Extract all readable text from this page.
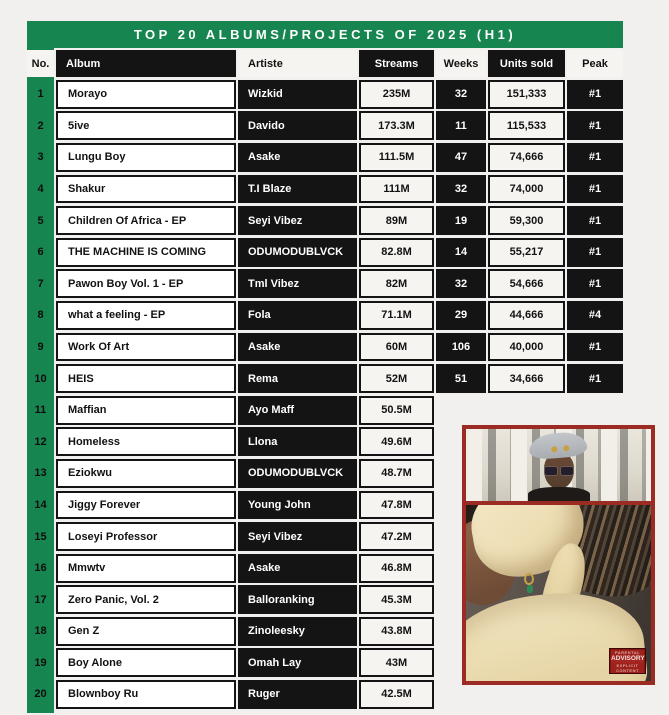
TOP 20 ALBUMS/PROJECTS OF 2025 (H1)
No.	Album	Artiste	Streams	Weeks	Units sold	Peak
1	Morayo	Wizkid	235M	32	151,333	#1
2	5ive	Davido	173.3M	11	115,533	#1
3	Lungu Boy	Asake	111.5M	47	74,666	#1
4	Shakur	T.I Blaze	111M	32	74,000	#1
5	Children Of Africa - EP	Seyi Vibez	89M	19	59,300	#1
6	THE MACHINE IS COMING	ODUMODUBLVCK	82.8M	14	55,217	#1
7	Pawon Boy Vol. 1 - EP	Tml Vibez	82M	32	54,666	#1
8	what a feeling - EP	Fola	71.1M	29	44,666	#4
9	Work Of Art	Asake	60M	106	40,000	#1
10	HEIS	Rema	52M	51	34,666	#1
11	Maffian	Ayo Maff	50.5M
12	Homeless	Llona	49.6M
13	Eziokwu	ODUMODUBLVCK	48.7M
14	Jiggy Forever	Young John	47.8M
15	Loseyi Professor	Seyi Vibez	47.2M
16	Mmwtv	Asake	46.8M
17	Zero Panic, Vol. 2	Balloranking	45.3M
18	Gen Z	Zinoleesky	43.8M
19	Boy Alone	Omah Lay	43M
20	Blownboy Ru	Ruger	42.5M
PARENTAL
ADVISORY
EXPLICIT CONTENT
